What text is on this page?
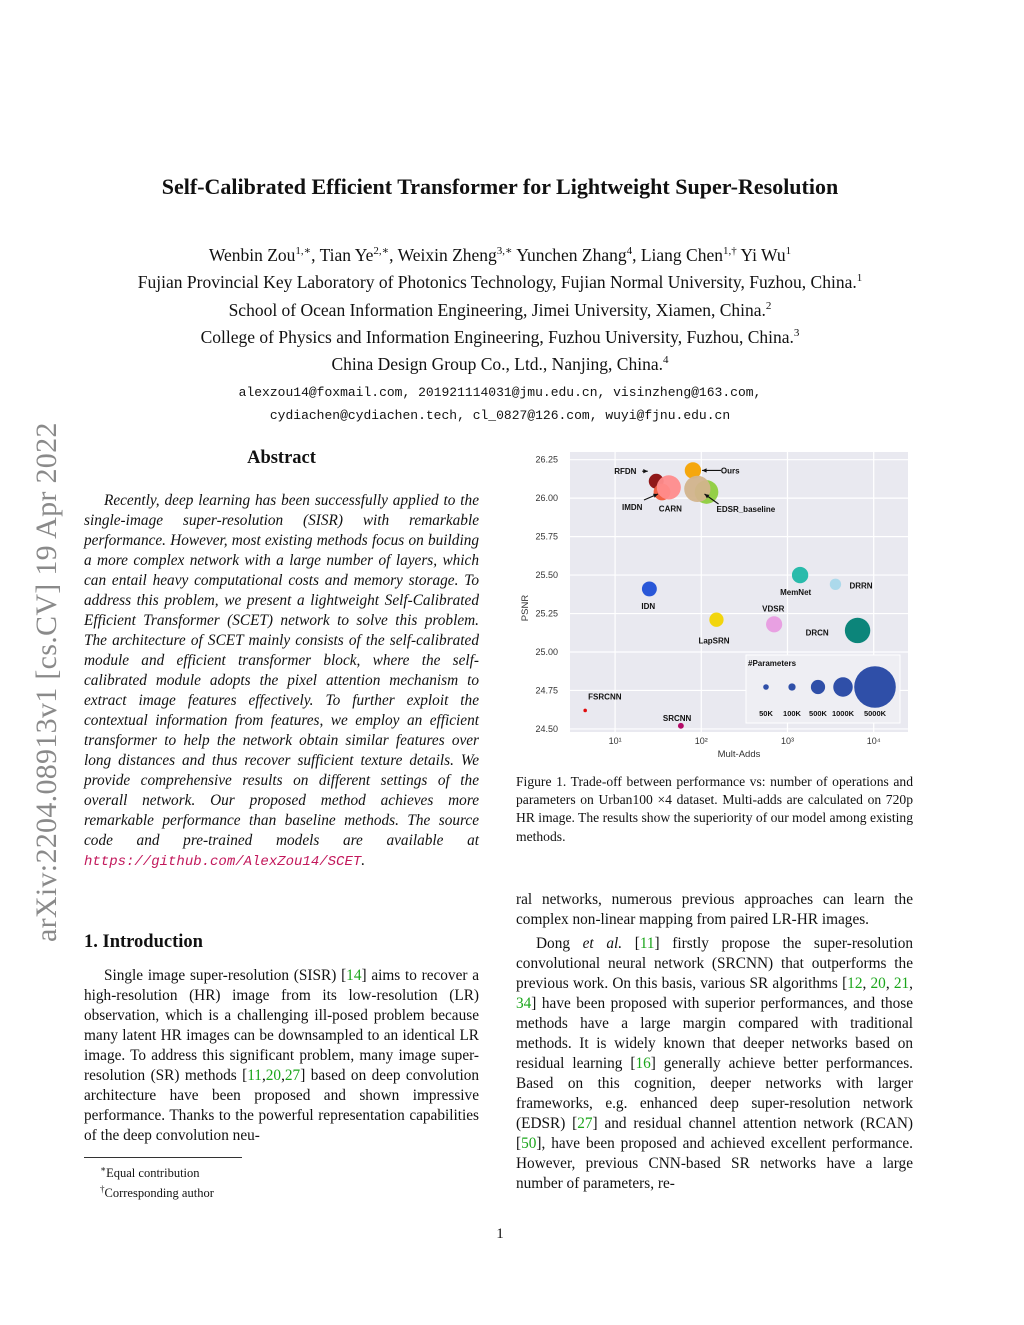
arXiv:2204.08913v1 [cs.CV] 19 Apr 2022
Self-Calibrated Efficient Transformer for Lightweight Super-Resolution
Wenbin Zou$^{1,∗}$, Tian $Ye^{2,∗}$, Weixin Zheng$^{3,∗}$ Yunchen Zhang$^4$, Liang Chen$^{1,\dagger}$ Yi Wu$^1$
Fujian Provincial Key Laboratory of Photonics Technology, Fujian Normal University, Fuzhou, China.$^1$
School of Ocean Information Engineering, Jimei University, Xiamen, China.$^2$
College of Physics and Information Engineering, Fuzhou University, Fuzhou, China.$^3$
China Design Group Co., Ltd., Nanjing, China.$^4$
alexzou14@foxmail.com, 201921114031@jmu.edu.cn, visinzheng@163.com,
cydiachen@cydiachen.tech, cl_0827@126.com, wuyi@fjnu.edu.cn
Abstract
Recently, deep learning has been successfully applied to the single-image super-resolution (SISR) with remarkable performance. However, most existing methods focus on building a more complex network with a large number of layers, which can entail heavy computational costs and memory storage. To address this problem, we present a lightweight Self-Calibrated Efficient Transformer (SCET) network to solve this problem. The architecture of SCET mainly consists of the self-calibrated module and efficient transformer block, where the self-calibrated module adopts the pixel attention mechanism to extract image features effectively. To further exploit the contextual information from features, we employ an efficient transformer to help the network obtain similar features over long distances and thus recover sufficient texture details. We provide comprehensive results on different settings of the overall network. Our proposed method achieves more remarkable performance than baseline methods. The source code and pre-trained models are available at https://github.com/AlexZou14/SCET.
1. Introduction

Single image super-resolution (SISR) [14] aims to recover a high-resolution (HR) image from its low-resolution (LR) observation, which is a challenging ill-posed problem because many latent HR images can be downsampled to an identical LR image. To address this significant problem, many image super-resolution (SR) methods [11,20,27] based on deep convolution architecture have been proposed and shown impressive performance. Thanks to the powerful representation capabilities of the deep convolution neu-

∗Equal contribution
†Corresponding author
24.50
24.75
25.00
25.25
25.50
25.75
26.00
26.25
10¹	10²	10³	10⁴
Mult-Adds
PSNR
#Parameters
50K 100K 500K 1000K 5000K
Ours
RFDN
IMDN CARN	EDSR_baseline
IDN
LapSRN
VDSR
MemNet
DRRN
DRCN
SRCNN
FSRCNN
Figure 1. Trade-off between performance vs: number of operations and parameters on Urban100 ×4 dataset. Multi-adds are calculated on 720p HR image. The results show the superiority of our model among existing methods.

ral networks, numerous previous approaches can learn the complex non-linear mapping from paired LR-HR images.

Dong et al. [11] firstly propose the super-resolution convolutional neural network (SRCNN) that outperforms the previous work. On this basis, various SR algorithms [12, 20, 21, 34] have been proposed with superior performances, and those methods have a large margin compared with traditional methods. It is widely known that deeper networks based on residual learning [16] generally achieve better performances. Based on this cognition, deeper networks with larger frameworks, e.g. enhanced deep super-resolution network (EDSR) [27] and residual channel attention network (RCAN) [50], have been proposed and achieved excellent performance. However, previous CNN-based SR networks have a large number of parameters, re-

1
